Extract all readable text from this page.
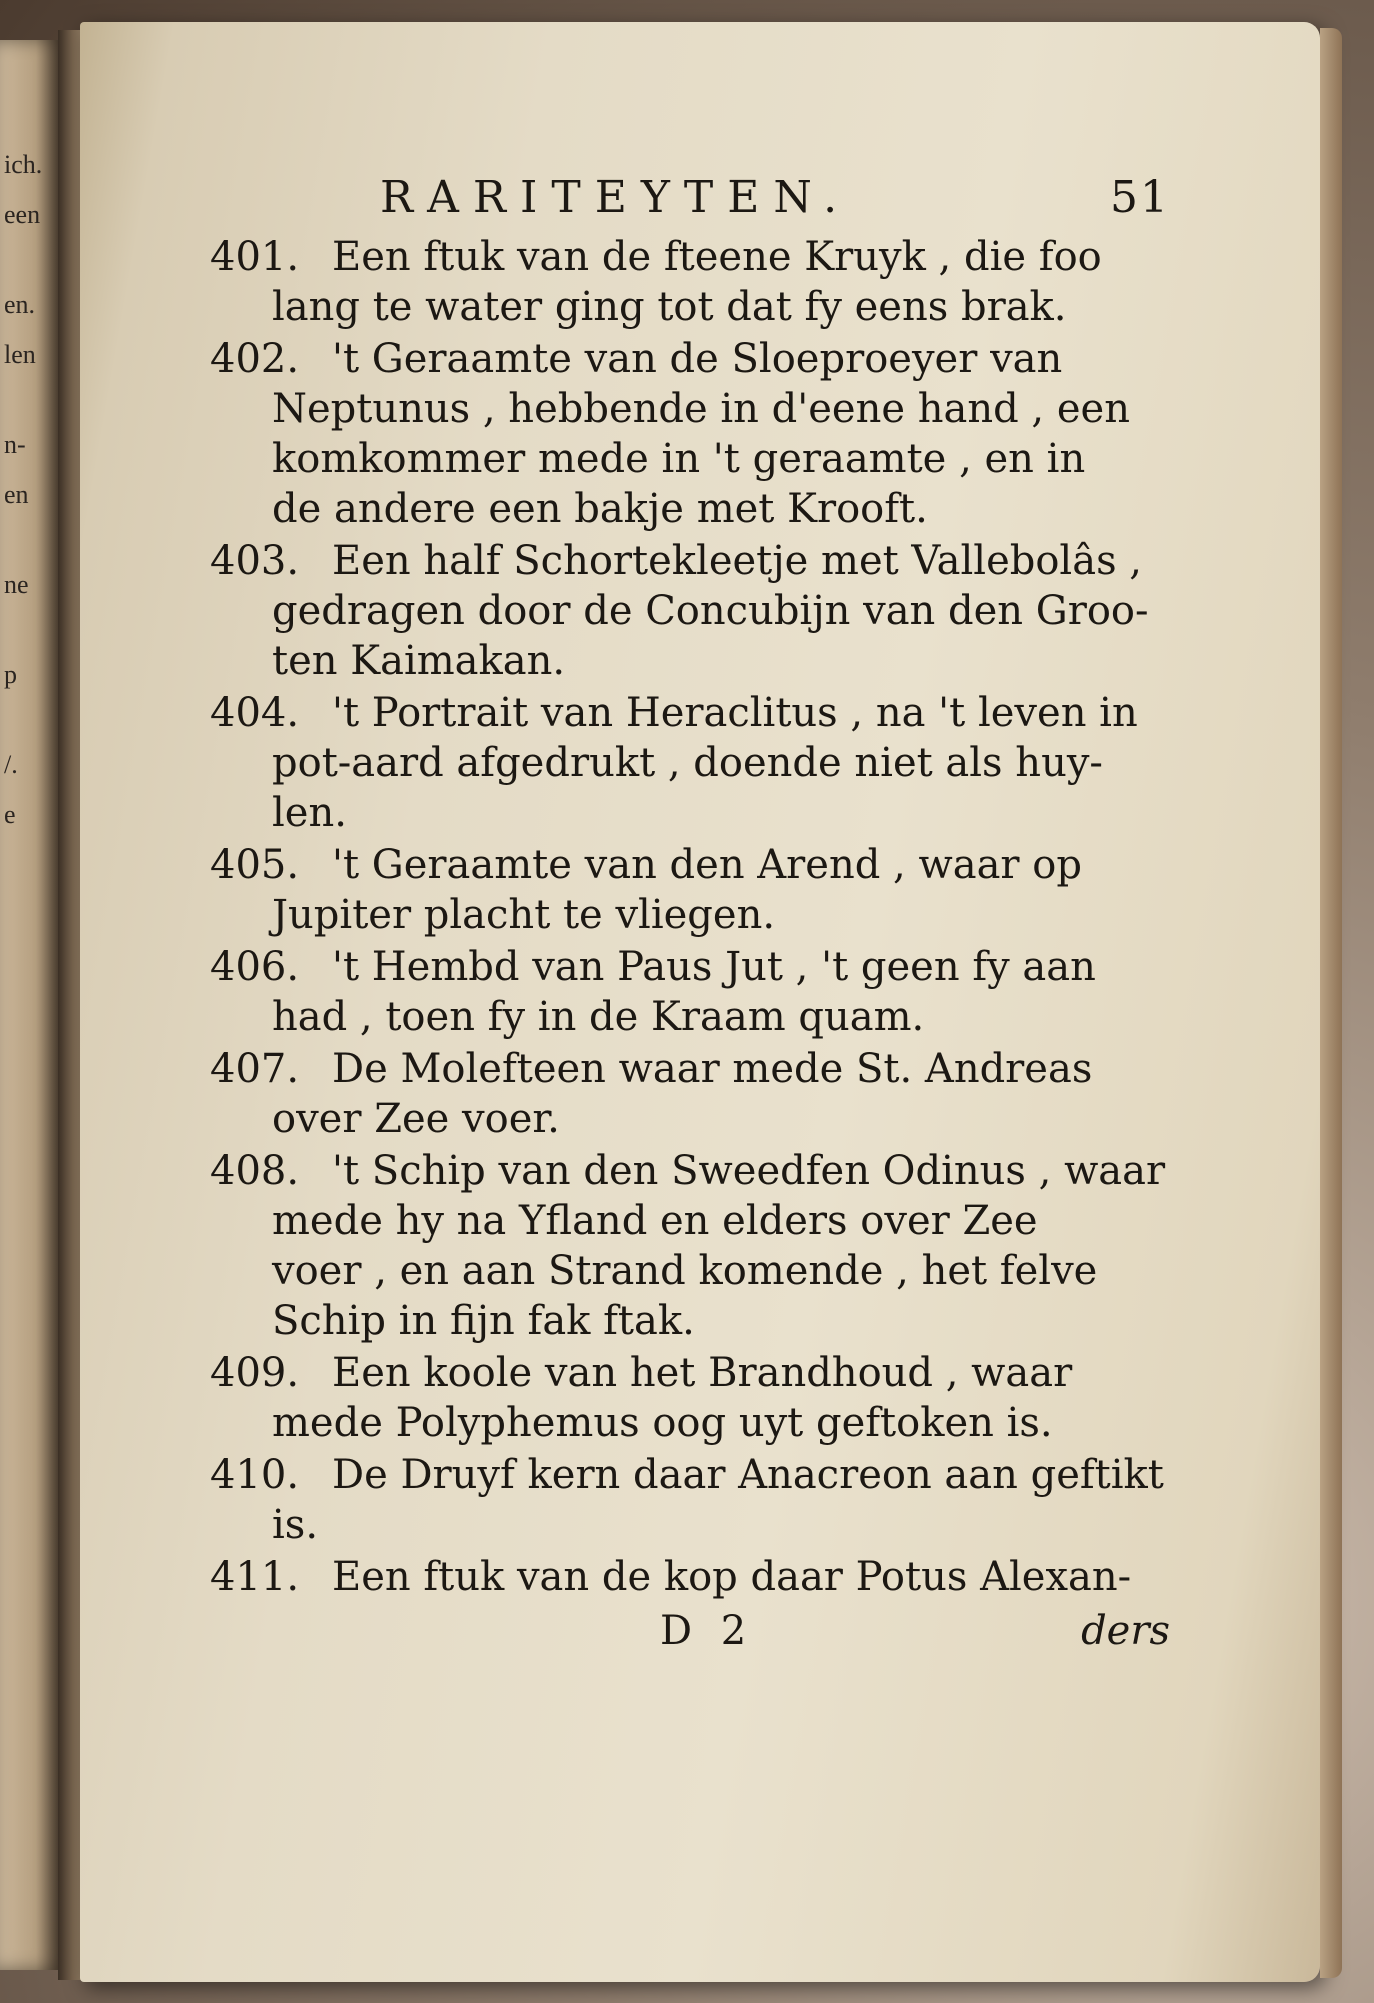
ich.
een
en.
len
n-
en
ne
p
/.
e
RARITEYTEN.	51
401. Een ftuk van de fteene Kruyk , die foo
lang te water ging tot dat fy eens brak.
402. 't Geraamte van de Sloeproeyer van
Neptunus , hebbende in d'eene hand , een
komkommer mede in 't geraamte , en in
de andere een bakje met Krooft.
403. Een half Schortekleetje met Vallebolâs ,
gedragen door de Concubijn van den Groo-
ten Kaimakan.
404. 't Portrait van Heraclitus , na 't leven in
pot-aard afgedrukt , doende niet als huy-
len.
405. 't Geraamte van den Arend , waar op
Jupiter placht te vliegen.
406. 't Hembd van Paus Jut , 't geen fy aan
had , toen fy in de Kraam quam.
407. De Molefteen waar mede St. Andreas
over Zee voer.
408. 't Schip van den Sweedfen Odinus , waar
mede hy na Yfland en elders over Zee
voer , en aan Strand komende , het felve
Schip in fijn fak ftak.
409. Een koole van het Brandhoud , waar
mede Polyphemus oog uyt geftoken is.
410. De Druyf kern daar Anacreon aan geftikt
is.
411. Een ftuk van de kop daar Potus Alexan-
D 2	ders
